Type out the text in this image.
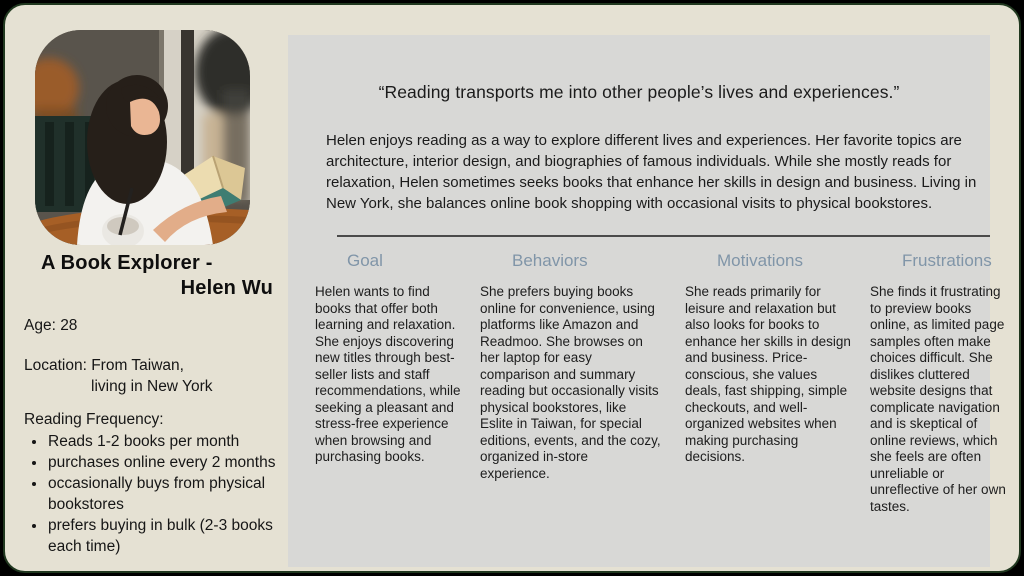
A Book Explorer -
Helen Wu

Age: 28

Location: From Taiwan,
living in New York

Reading Frequency:

• Reads 1-2 books per month
• purchases online every 2 months
• occasionally buys from physical bookstores
• prefers buying in bulk (2-3 books each time)

“Reading transports me into other people’s lives and experiences.”

Helen enjoys reading as a way to explore different lives and experiences. Her favorite topics are architecture, interior design, and biographies of famous individuals. While she mostly reads for relaxation, Helen sometimes seeks books that enhance her skills in design and business. Living in New York, she balances online book shopping with occasional visits to physical bookstores.

Goal

Helen wants to find books that offer both learning and relaxation. She enjoys discovering new titles through best-seller lists and staff recommendations, while seeking a pleasant and stress-free experience when browsing and purchasing books.

Behaviors

She prefers buying books online for convenience, using platforms like Amazon and Readmoo. She browses on her laptop for easy comparison and summary reading but occasionally visits physical bookstores, like Eslite in Taiwan, for special editions, events, and the cozy, organized in-store experience.

Motivations

She reads primarily for leisure and relaxation but also looks for books to enhance her skills in design and business. Price-conscious, she values deals, fast shipping, simple checkouts, and well-organized websites when making purchasing decisions.

Frustrations

She finds it frustrating to preview books online, as limited page samples often make choices difficult. She dislikes cluttered website designs that complicate navigation and is skeptical of online reviews, which she feels are often unreliable or unreflective of her own tastes.
